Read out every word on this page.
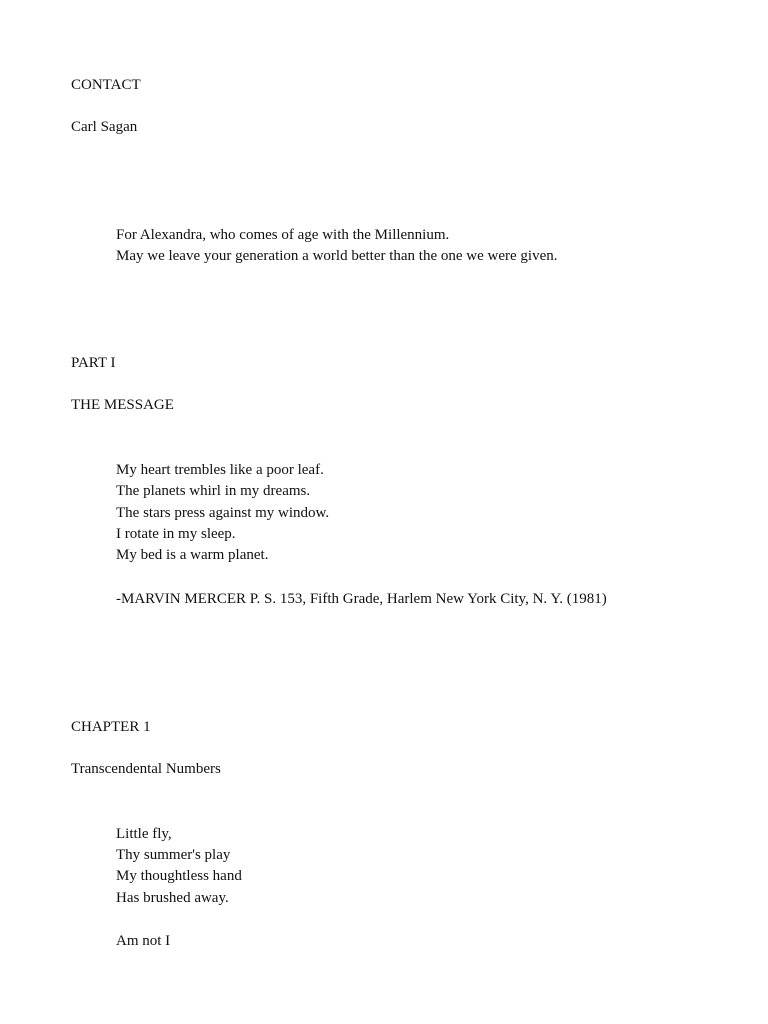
CONTACT
Carl Sagan
For Alexandra, who comes of age with the Millennium.
May we leave your generation a world better than the one we were given.
PART I
THE MESSAGE
My heart trembles like a poor leaf.
The planets whirl in my dreams.
The stars press against my window.
I rotate in my sleep.
My bed is a warm planet.
-MARVIN MERCER P. S. 153, Fifth Grade, Harlem New York City, N. Y. (1981)
CHAPTER 1
Transcendental Numbers
Little fly,
Thy summer's play
My thoughtless hand
Has brushed away.
Am not I
